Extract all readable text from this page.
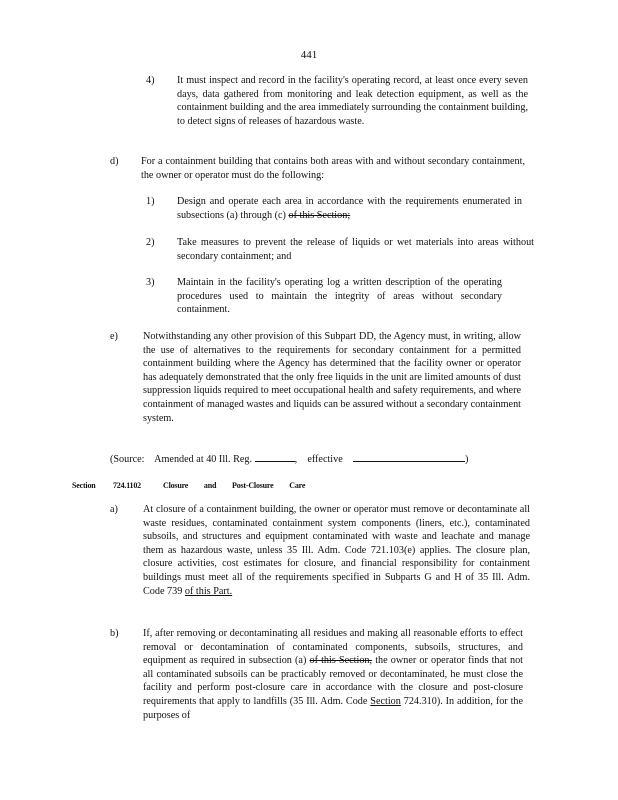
441
4)	It must inspect and record in the facility's operating record, at least once every seven days, data gathered from monitoring and leak detection equipment, as well as the containment building and the area immediately surrounding the containment building, to detect signs of releases of hazardous waste.
d)	For a containment building that contains both areas with and without secondary containment, the owner or operator must do the following:
1)	Design and operate each area in accordance with the requirements enumerated in subsections (a) through (c) of this Section;
2)	Take measures to prevent the release of liquids or wet materials into areas without secondary containment; and
3)	Maintain in the facility's operating log a written description of the operating procedures used to maintain the integrity of areas without secondary containment.
e)	Notwithstanding any other provision of this Subpart DD, the Agency must, in writing, allow the use of alternatives to the requirements for secondary containment for a permitted containment building where the Agency has determined that the facility owner or operator has adequately demonstrated that the only free liquids in the unit are limited amounts of dust suppression liquids required to meet occupational health and safety requirements, and where containment of managed wastes and liquids can be assured without a secondary containment system.
(Source: Amended at 40 Ill. Reg.	,    effective	)
Section 724.1102	Closure and Post-Closure Care
a)	At closure of a containment building, the owner or operator must remove or decontaminate all waste residues, contaminated containment system components (liners, etc.), contaminated subsoils, and structures and equipment contaminated with waste and leachate and manage them as hazardous waste, unless 35 Ill. Adm. Code 721.103(e) applies. The closure plan, closure activities, cost estimates for closure, and financial responsibility for containment buildings must meet all of the requirements specified in Subparts G and H of 35 Ill. Adm. Code 739 of this Part.
b)	If, after removing or decontaminating all residues and making all reasonable efforts to effect removal or decontamination of contaminated components, subsoils, structures, and equipment as required in subsection (a) of this Section, the owner or operator finds that not all contaminated subsoils can be practicably removed or decontaminated, he must close the facility and perform post-closure care in accordance with the closure and post-closure requirements that apply to landfills (35 Ill. Adm. Code Section 724.310). In addition, for the purposes of
